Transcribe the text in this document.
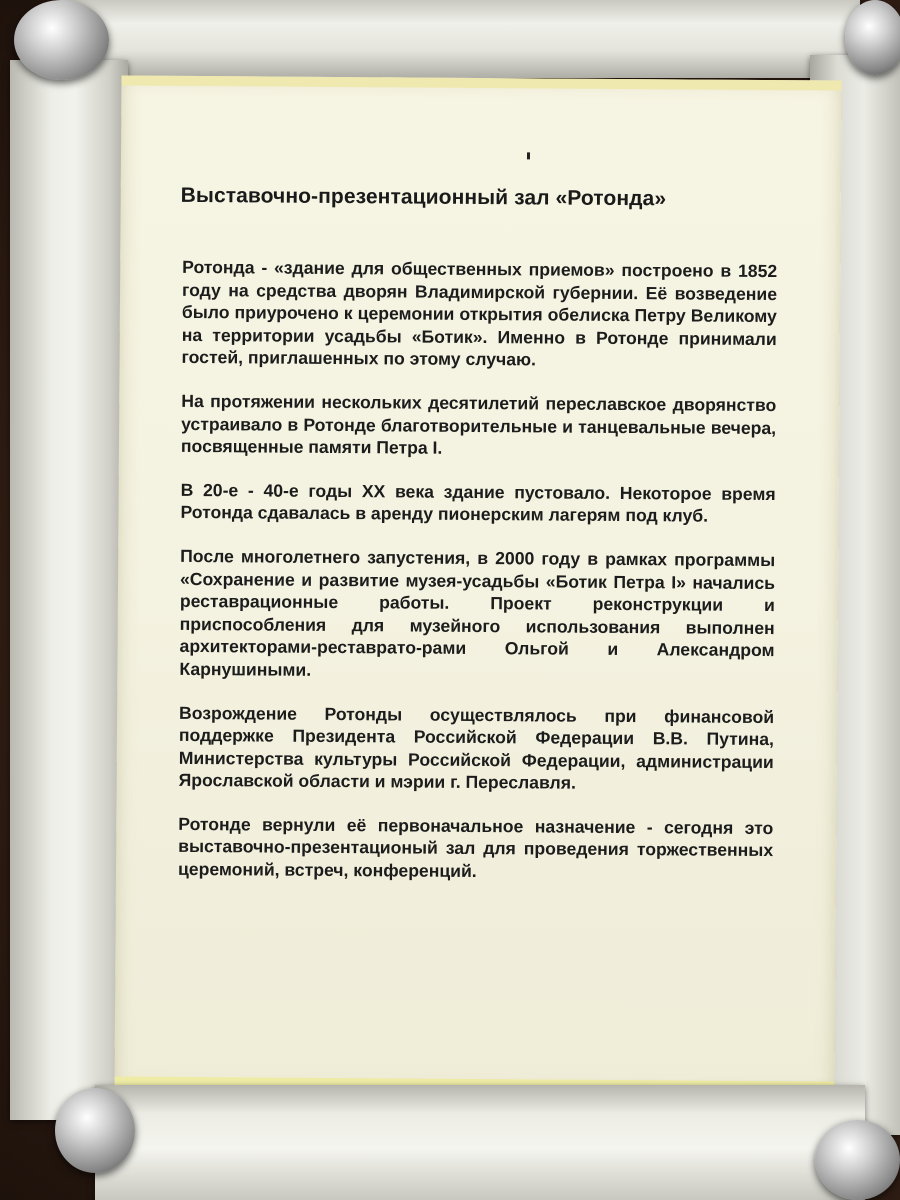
Выставочно-презентационный зал «Ротонда»

Ротонда - «здание для общественных приемов» построено в 1852 году на средства дворян Владимирской губернии. Её возведение было приурочено к церемонии открытия обелиска Петру Великому на территории усадьбы «Ботик». Именно в Ротонде принимали гостей, приглашенных по этому случаю.

На протяжении нескольких десятилетий переславское дворянство устраивало в Ротонде благотворительные и танцевальные вечера, посвященные памяти Петра I.

В 20-е - 40-е годы XX века здание пустовало. Некоторое время Ротонда сдавалась в аренду пионерским лагерям под клуб.

После многолетнего запустения, в 2000 году в рамках программы «Сохранение и развитие музея-усадьбы «Ботик Петра I» начались реставрационные работы. Проект реконструкции и приспособления для музейного использования выполнен архитекторами-реставрато-рами Ольгой и Александром Карнушиными.

Возрождение Ротонды осуществлялось при финансовой поддержке Президента Российской Федерации В.В. Путина, Министерства культуры Российской Федерации, администрации Ярославской области и мэрии г. Переславля.

Ротонде вернули её первоначальное назначение - сегодня это выставочно-презентационый зал для проведения торжественных церемоний, встреч, конференций.
